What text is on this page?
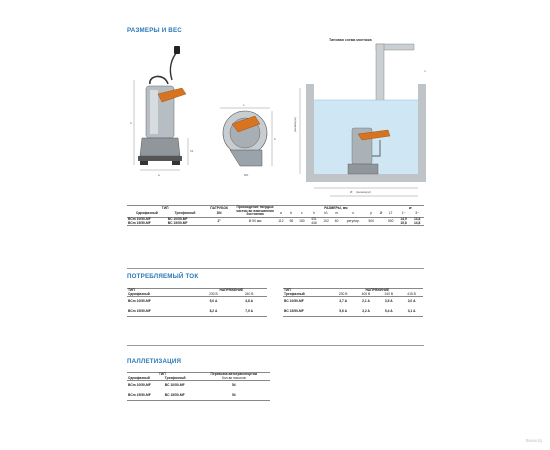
РАЗМЕРЫ И ВЕС
h
h1
a
c
b
DN
(минимум)
n
Ø (минимум)
Типовая схема монтажа
ТИП		ПАТРУБОК	Прохождение твердых частиц во взвешенном состоянии	РАЗМЕРЫ, мм										кг	
Однофазный	Трехфазный	DN		a	b	c	h	h1	m	n	p	Ø	LT	1~	3~
BCm 10/50-MF	BC 10/50-MF	2"	Ø 50 мм	112	98	150	431	102	60	регулир.	500		500	14,9	13,8
BCm 15/50-MF	BC 15/50-MF						446							15,8	14,8
ПОТРЕБЛЯЕМЫЙ ТОК
ТИП	НАПРЯЖЕНИЕ	
Однофазный	230 В	240 В
BCm 10/50-MF	5,0 A	4,8 A
BCm 15/50-MF	8,2 A	7,9 A
ТИП	НАПРЯЖЕНИЕ			
Трехфазный	230 В	400 В	240 В	415 В
BC 10/50-MF	3,7 A	2,1 A	3,5 A	2,0 A
BC 15/50-MF	5,6 A	3,2 A	5,4 A	3,1 A
ПАЛЛЕТИЗАЦИЯ
ТИП		Перевозка автотранспортом
Однофазный	Трехфазный	Кол-во насосов
BCm 10/50-MF	BC 10/50-MF	54
BCm 15/50-MF	BC 15/50-MF	54
Вималф
